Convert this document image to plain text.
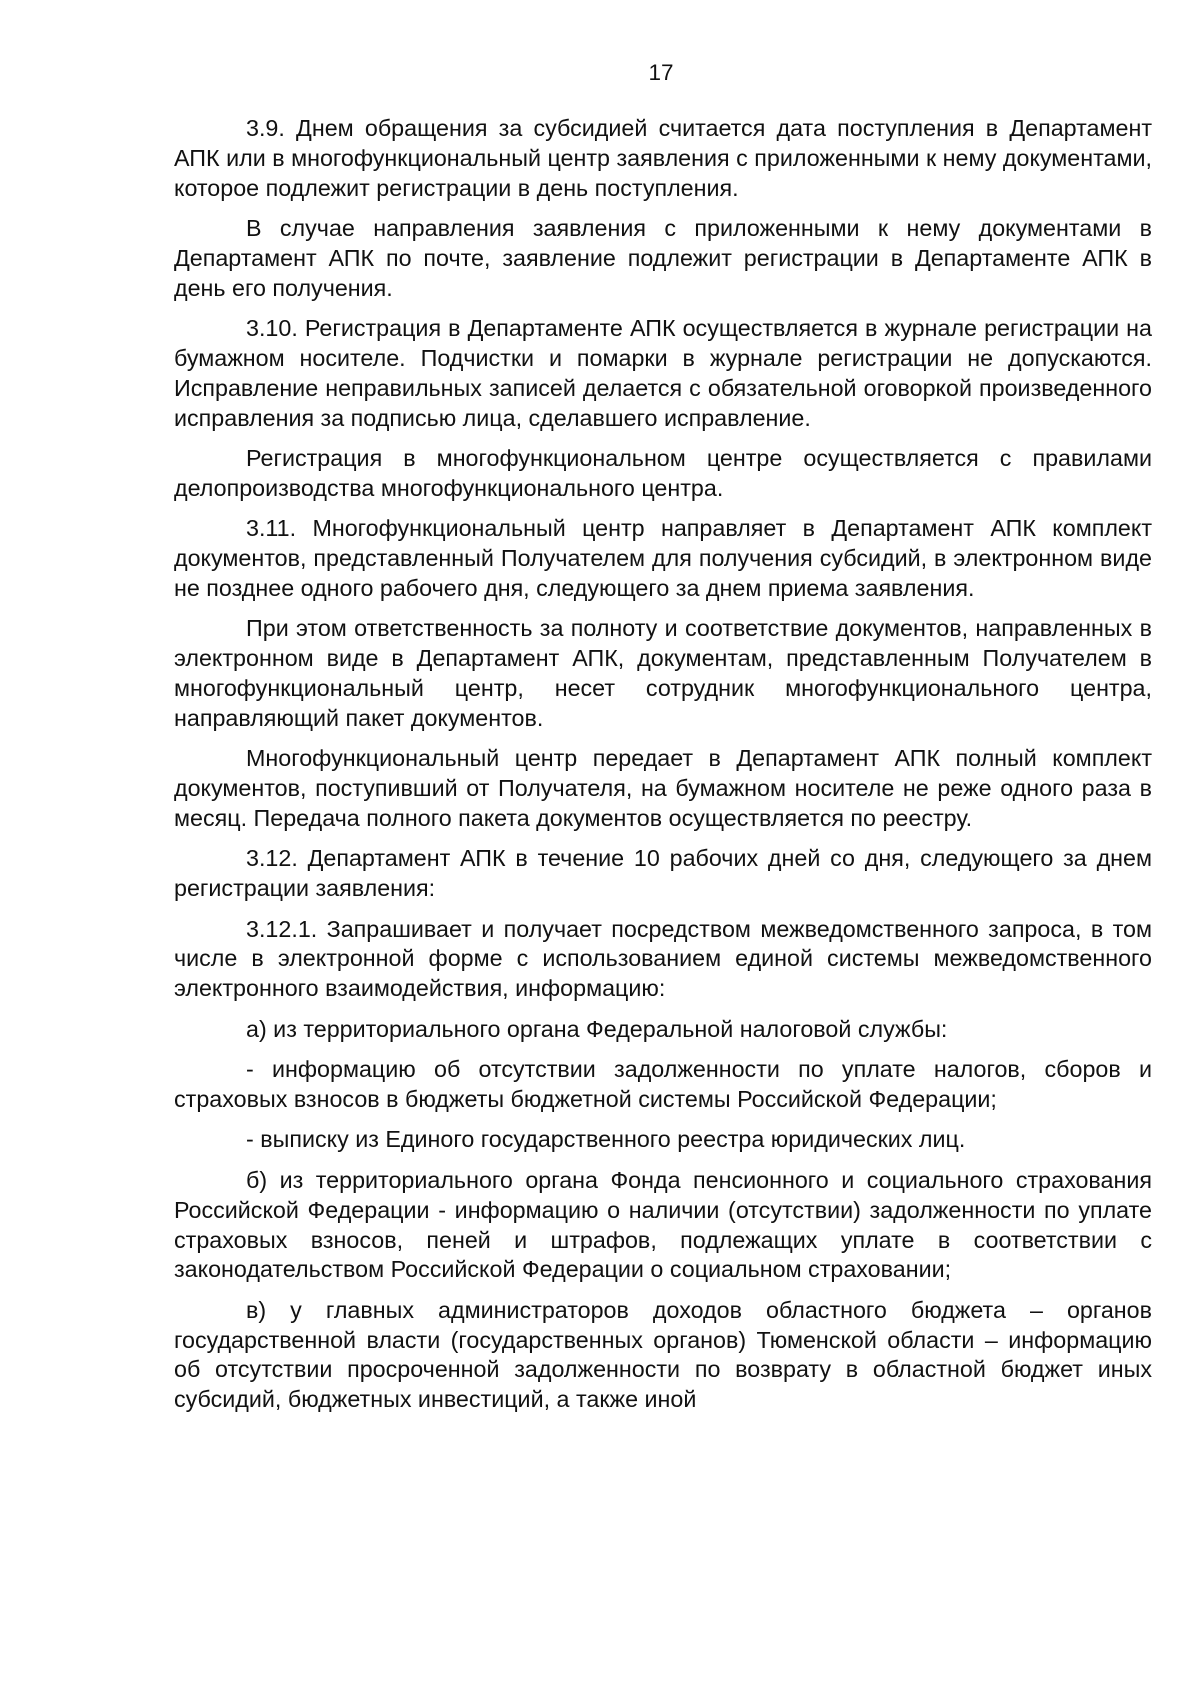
17

3.9. Днем обращения за субсидией считается дата поступления в Департамент АПК или в многофункциональный центр заявления с приложенными к нему документами, которое подлежит регистрации в день поступления.

В случае направления заявления с приложенными к нему документами в Департамент АПК по почте, заявление подлежит регистрации в Департаменте АПК в день его получения.

3.10. Регистрация в Департаменте АПК осуществляется в журнале регистрации на бумажном носителе. Подчистки и помарки в журнале регистрации не допускаются. Исправление неправильных записей делается с обязательной оговоркой произведенного исправления за подписью лица, сделавшего исправление.

Регистрация в многофункциональном центре осуществляется с правилами делопроизводства многофункционального центра.

3.11. Многофункциональный центр направляет в Департамент АПК комплект документов, представленный Получателем для получения субсидий, в электронном виде не позднее одного рабочего дня, следующего за днем приема заявления.

При этом ответственность за полноту и соответствие документов, направленных в электронном виде в Департамент АПК, документам, представленным Получателем в многофункциональный центр, несет сотрудник многофункционального центра, направляющий пакет документов.

Многофункциональный центр передает в Департамент АПК полный комплект документов, поступивший от Получателя, на бумажном носителе не реже одного раза в месяц. Передача полного пакета документов осуществляется по реестру.

3.12. Департамент АПК в течение 10 рабочих дней со дня, следующего за днем регистрации заявления:

3.12.1. Запрашивает и получает посредством межведомственного запроса, в том числе в электронной форме с использованием единой системы межведомственного электронного взаимодействия, информацию:

а) из территориального органа Федеральной налоговой службы:

- информацию об отсутствии задолженности по уплате налогов, сборов и страховых взносов в бюджеты бюджетной системы Российской Федерации;

- выписку из Единого государственного реестра юридических лиц.

б) из территориального органа Фонда пенсионного и социального страхования Российской Федерации - информацию о наличии (отсутствии) задолженности по уплате страховых взносов, пеней и штрафов, подлежащих уплате в соответствии с законодательством Российской Федерации о социальном страховании;

в) у главных администраторов доходов областного бюджета – органов государственной власти (государственных органов) Тюменской области – информацию об отсутствии просроченной задолженности по возврату в областной бюджет иных субсидий, бюджетных инвестиций, а также иной
